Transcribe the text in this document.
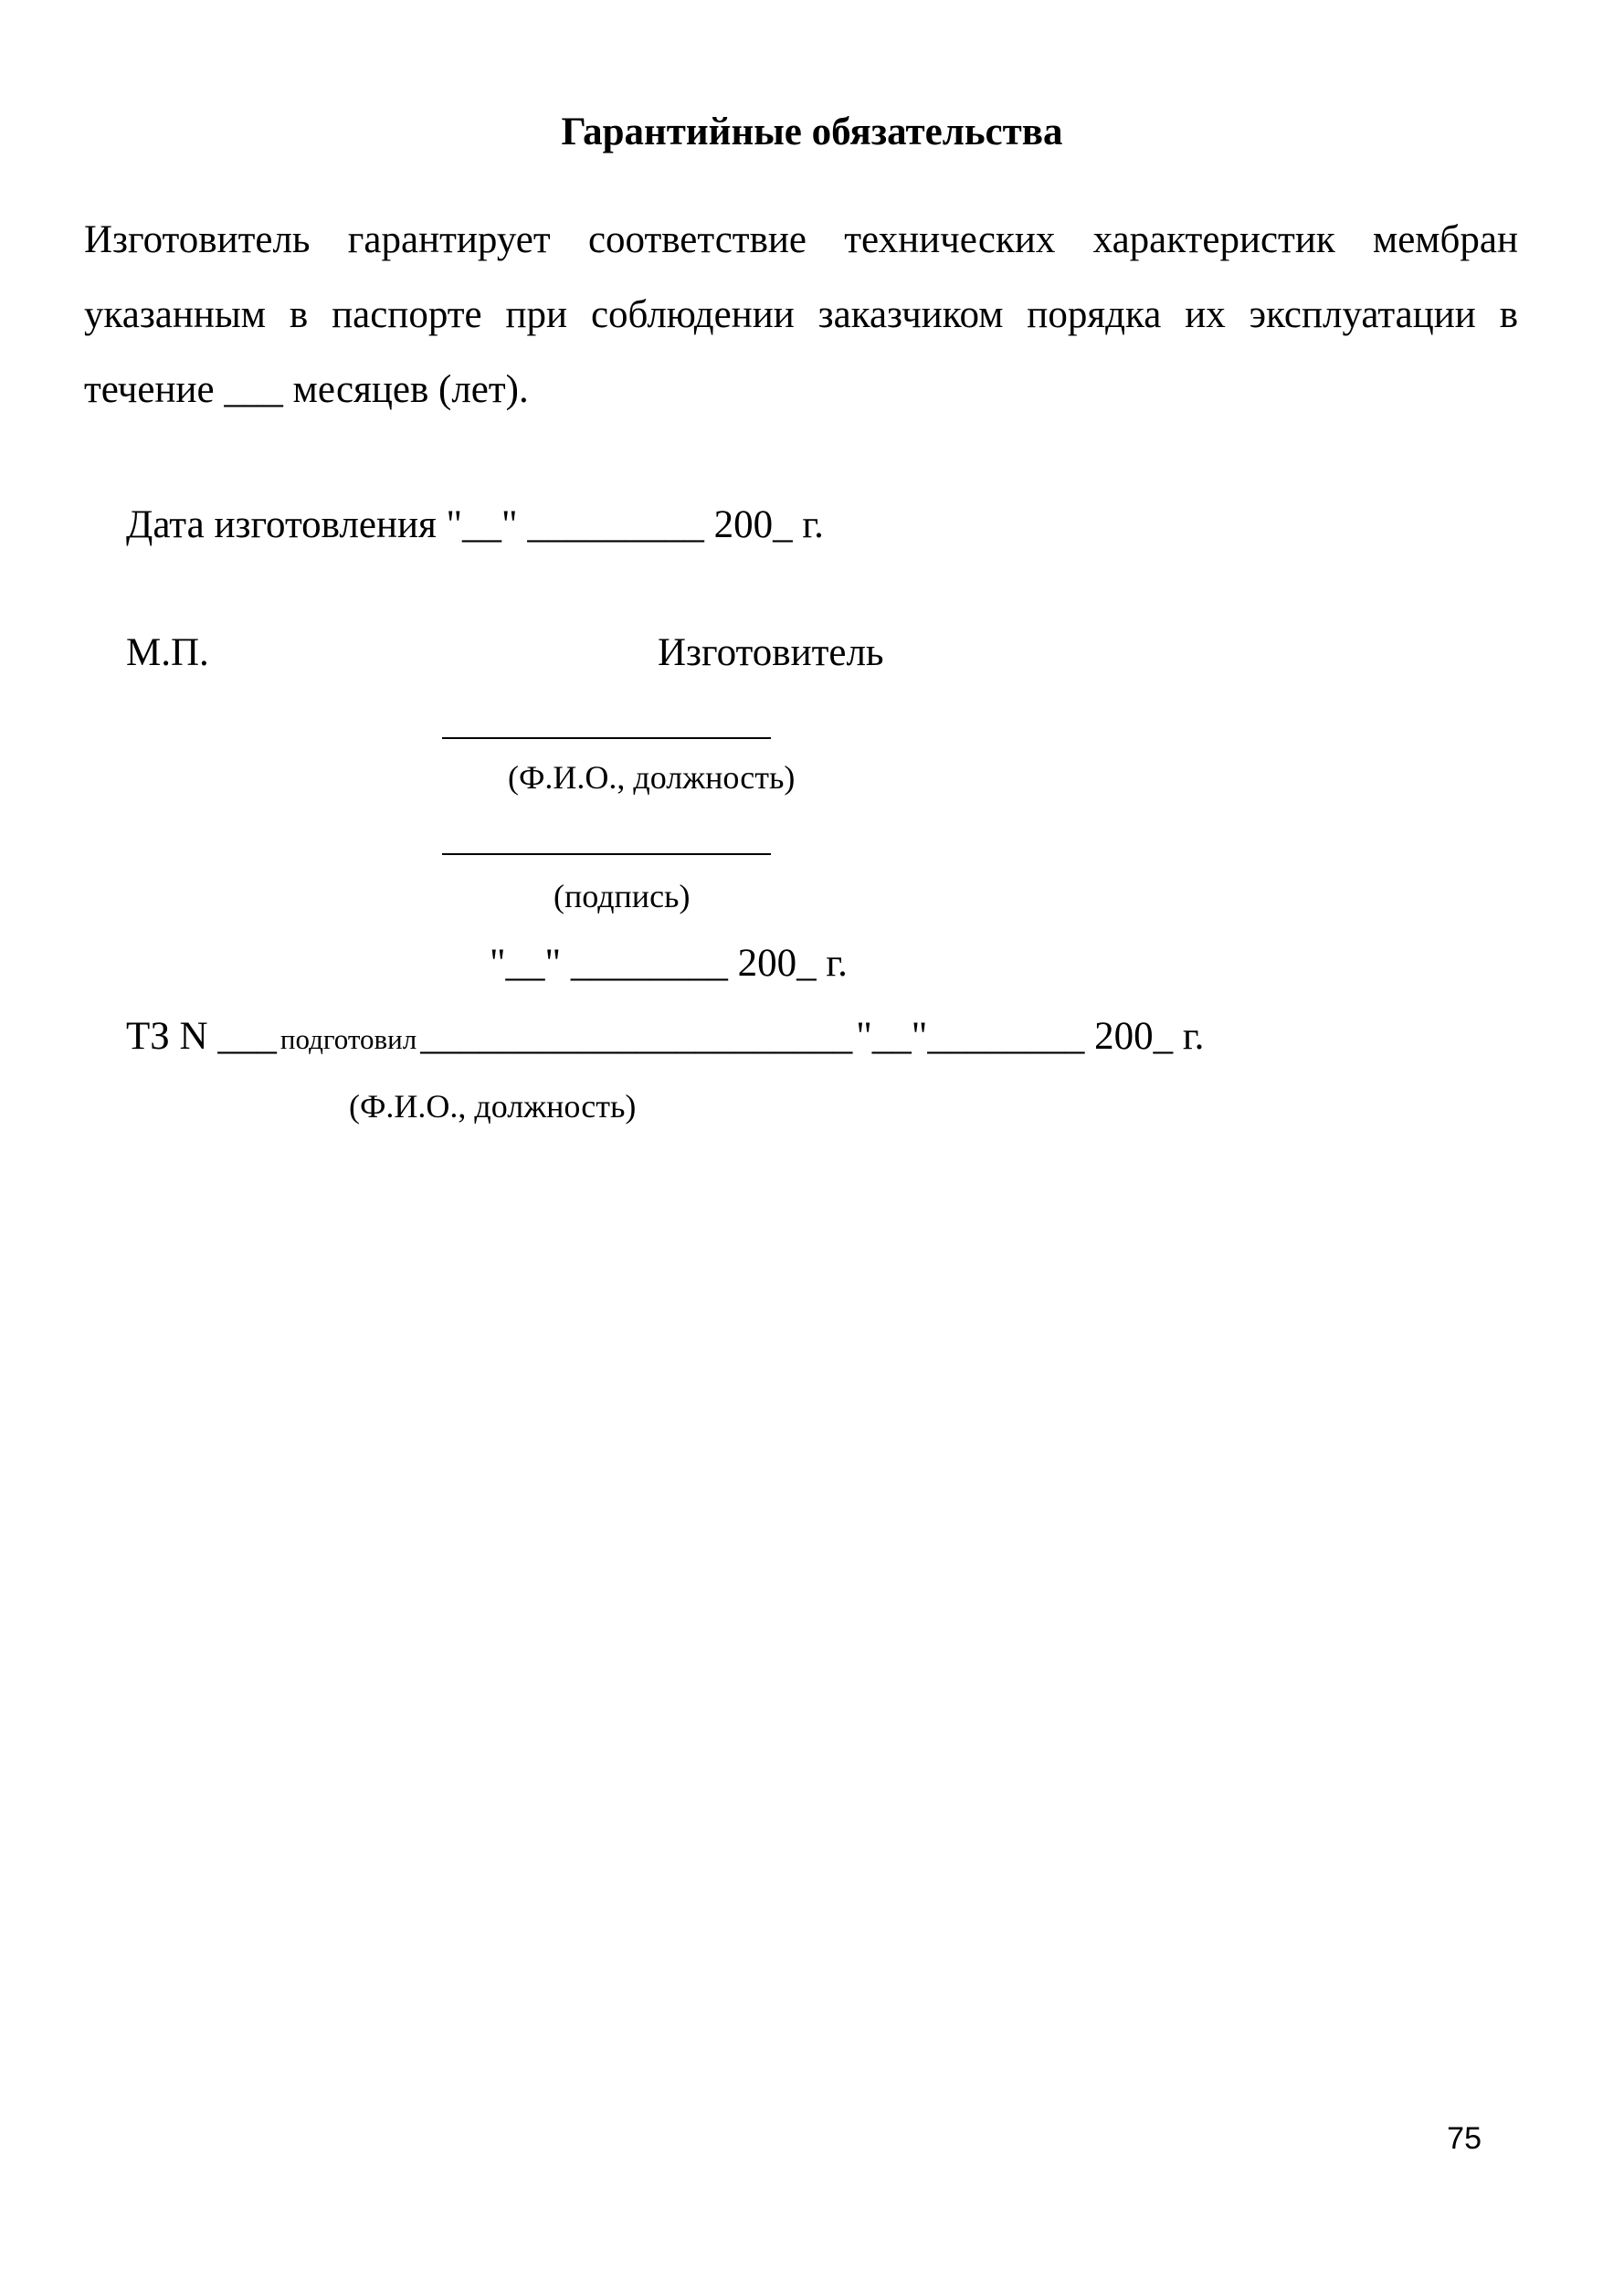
Гарантийные обязательства
Изготовитель гарантирует соответствие технических характеристик мембран
указанным в паспорте при соблюдении заказчиком порядка их эксплуатации в
течение ___ месяцев (лет).
Дата изготовления "__" _________ 200_ г.
М.П.	Изготовитель
(Ф.И.О., должность)
(подпись)
"__" ________ 200_ г.
ТЗ N ___ подготовил ______________________ "__"________ 200_ г.
(Ф.И.О., должность)
75
